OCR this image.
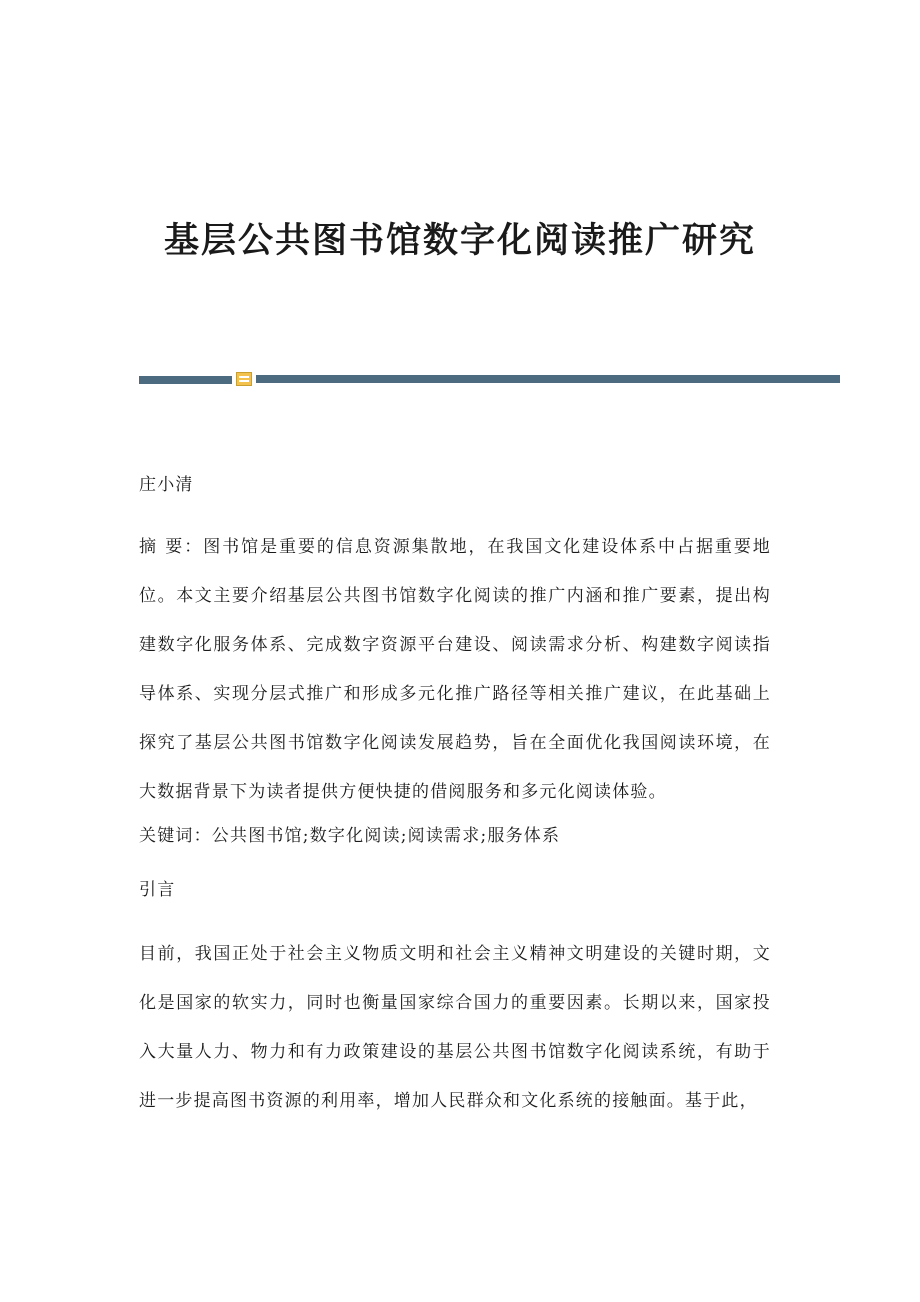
基层公共图书馆数字化阅读推广研究
庄小清
摘 要：图书馆是重要的信息资源集散地，在我国文化建设体系中占据重要地位。本文主要介绍基层公共图书馆数字化阅读的推广内涵和推广要素，提出构建数字化服务体系、完成数字资源平台建设、阅读需求分析、构建数字阅读指导体系、实现分层式推广和形成多元化推广路径等相关推广建议，在此基础上探究了基层公共图书馆数字化阅读发展趋势，旨在全面优化我国阅读环境，在大数据背景下为读者提供方便快捷的借阅服务和多元化阅读体验。
关键词：公共图书馆;数字化阅读;阅读需求;服务体系
引言
目前，我国正处于社会主义物质文明和社会主义精神文明建设的关键时期，文化是国家的软实力，同时也衡量国家综合国力的重要因素。长期以来，国家投入大量人力、物力和有力政策建设的基层公共图书馆数字化阅读系统，有助于进一步提高图书资源的利用率，增加人民群众和文化系统的接触面。基于此，
